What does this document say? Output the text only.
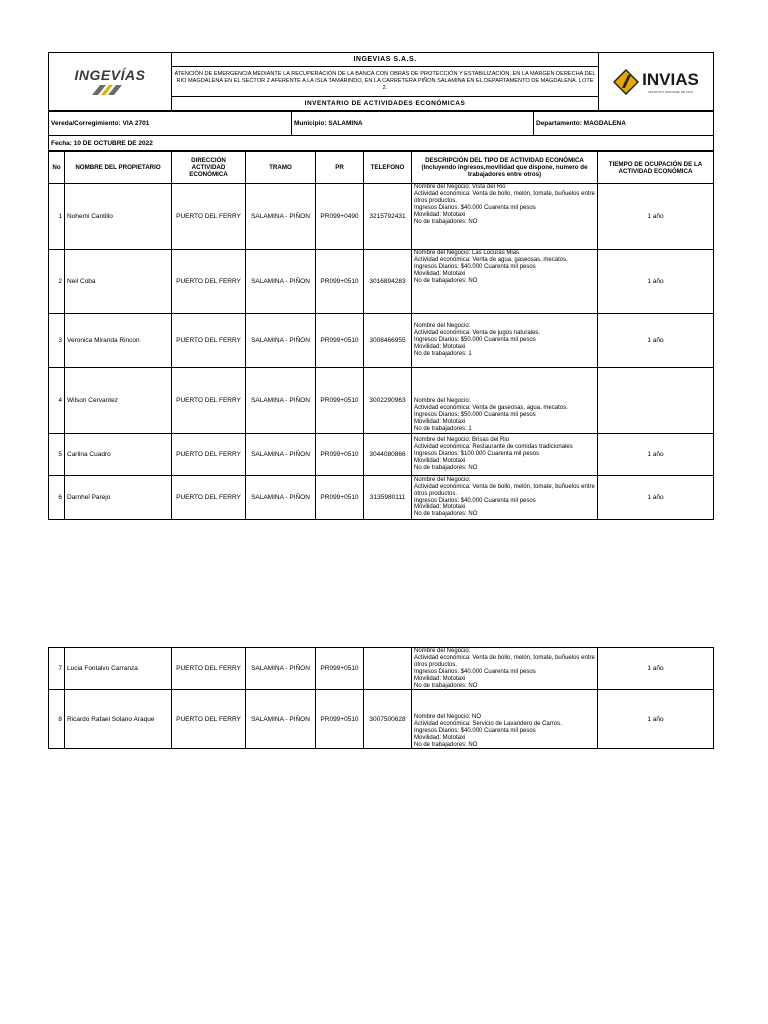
INGEVÍAS
	INGEVIAS S.A.S.	
INVIAS
INSTITUTO NACIONAL DE VIAS

ATENCIÓN DE EMERGENCIA MEDIANTE LA RECUPERACIÓN DE LA BANCA CON OBRAS DE PROTECCIÓN Y ESTABILIZACIÓN, EN LA MARGEN DERECHA DEL RIO MAGDALENA EN EL SECTOR 2 AFERENTE A LA ISLA TAMARINDO, EN LA CARRETERA PIÑON SALAMINA EN EL DEPARTAMENTO DE MAGDALENA. LOTE 2.
INVENTARIO DE ACTIVIDADES ECONÓMICAS
Vereda/Corregimiento: VIA 2701	Municipio: SALAMINA	Departamento: MAGDALENA
Fecha: 10 DE OCTUBRE DE 2022
No	NOMBRE DEL PROPIETARIO	DIRECCIÓN ACTIVIDAD ECONÓMICA	TRAMO	PR	TELEFONO	DESCRIPCIÓN DEL TIPO DE ACTIVIDAD ECONÓMICA
(Incluyendo ingresos,movilidad que dispone, numero de trabajadores entre otros)	TIEMPO DE OCUPACIÓN DE LA ACTIVIDAD ECONÓMICA
1	Nohemi Cantillo	PUERTO DEL FERRY	SALAMINA - PIÑON	PR099+0490	3215792431	Nombre del Negocio: Vista del Rio
Actividad económica: Venta de bollo, melón, tomate, buñuelos entre otros productos.
Ingresos Diarios: $40.000 Cuarenta mil pesos
Movilidad: Mototaxi
No de trabajadores: NO	1 año
2	Neil Coba	PUERTO DEL FERRY	SALAMINA - PIÑON	PR099+0510	3016894283	Nombre del Negocio: Las Locuras Mias
Actividad económica: Venta de agua, gaseosas, mecatos.
Ingresos Diarios: $40.000 Cuarenta mil pesos
Movilidad: Mototaxi
No de trabajadores: NO	1 año
3	Veronica Miranda Rincon	PUERTO DEL FERRY	SALAMINA - PIÑON	PR099+0510	3008466955	Nombre del Negocio:
Actividad económica: Venta de jugos naturales.
Ingresos Diarios: $50.000 Cuarenta mil pesos
Movilidad: Mototaxi
No de trabajadores: 1	1 año
4	Wilson Cervantez	PUERTO DEL FERRY	SALAMINA - PIÑON	PR099+0510	3002290963	Nombre del Negocio:
Actividad económica: Venta de gaseosas, agua, mecatos.
Ingresos Diarios: $50.000 Cuarenta mil pesos
Movilidad: Mototaxi
No de trabajadores: 1	
5	Carlina Cuadro	PUERTO DEL FERRY	SALAMINA - PIÑON	PR099+0510	3044080866	Nombre del Negocio: Brisas del Rio
Actividad económica: Restaurante de comidas tradicionales
Ingresos Diarios: $100.000 Cuarenta mil pesos
Movilidad: Mototaxi
No de trabajadores: NO	1 año
6	Darnhel Parejo	PUERTO DEL FERRY	SALAMINA - PIÑON	PR099+0510	3135980111	Nombre del Negocio:
Actividad económica: Venta de bollo, melón, tomate, buñuelos entre otros productos.
Ingresos Diarios: $40.000 Cuarenta mil pesos
Movilidad: Mototaxi
No de trabajadores: NO	1 año
7	Lucia Fontalvo Carranza	PUERTO DEL FERRY	SALAMINA - PIÑON	PR099+0510		Nombre del Negocio:
Actividad económica: Venta de bollo, melón, tomate, buñuelos entre otros productos.
Ingresos Diarios: $40.000 Cuarenta mil pesos
Movilidad: Mototaxi
No de trabajadores: NO	1 año
8	Ricardo Rafael Solano Araque	PUERTO DEL FERRY	SALAMINA - PIÑON	PR099+0510	3007500628	Nombre del Negocio: NO
Actividad económica: Servicio de Lavandero de Carros.
Ingresos Diarios: $40.000 Cuarenta mil pesos
Movilidad: Mototaxi
No de trabajadores: NO	1 año
